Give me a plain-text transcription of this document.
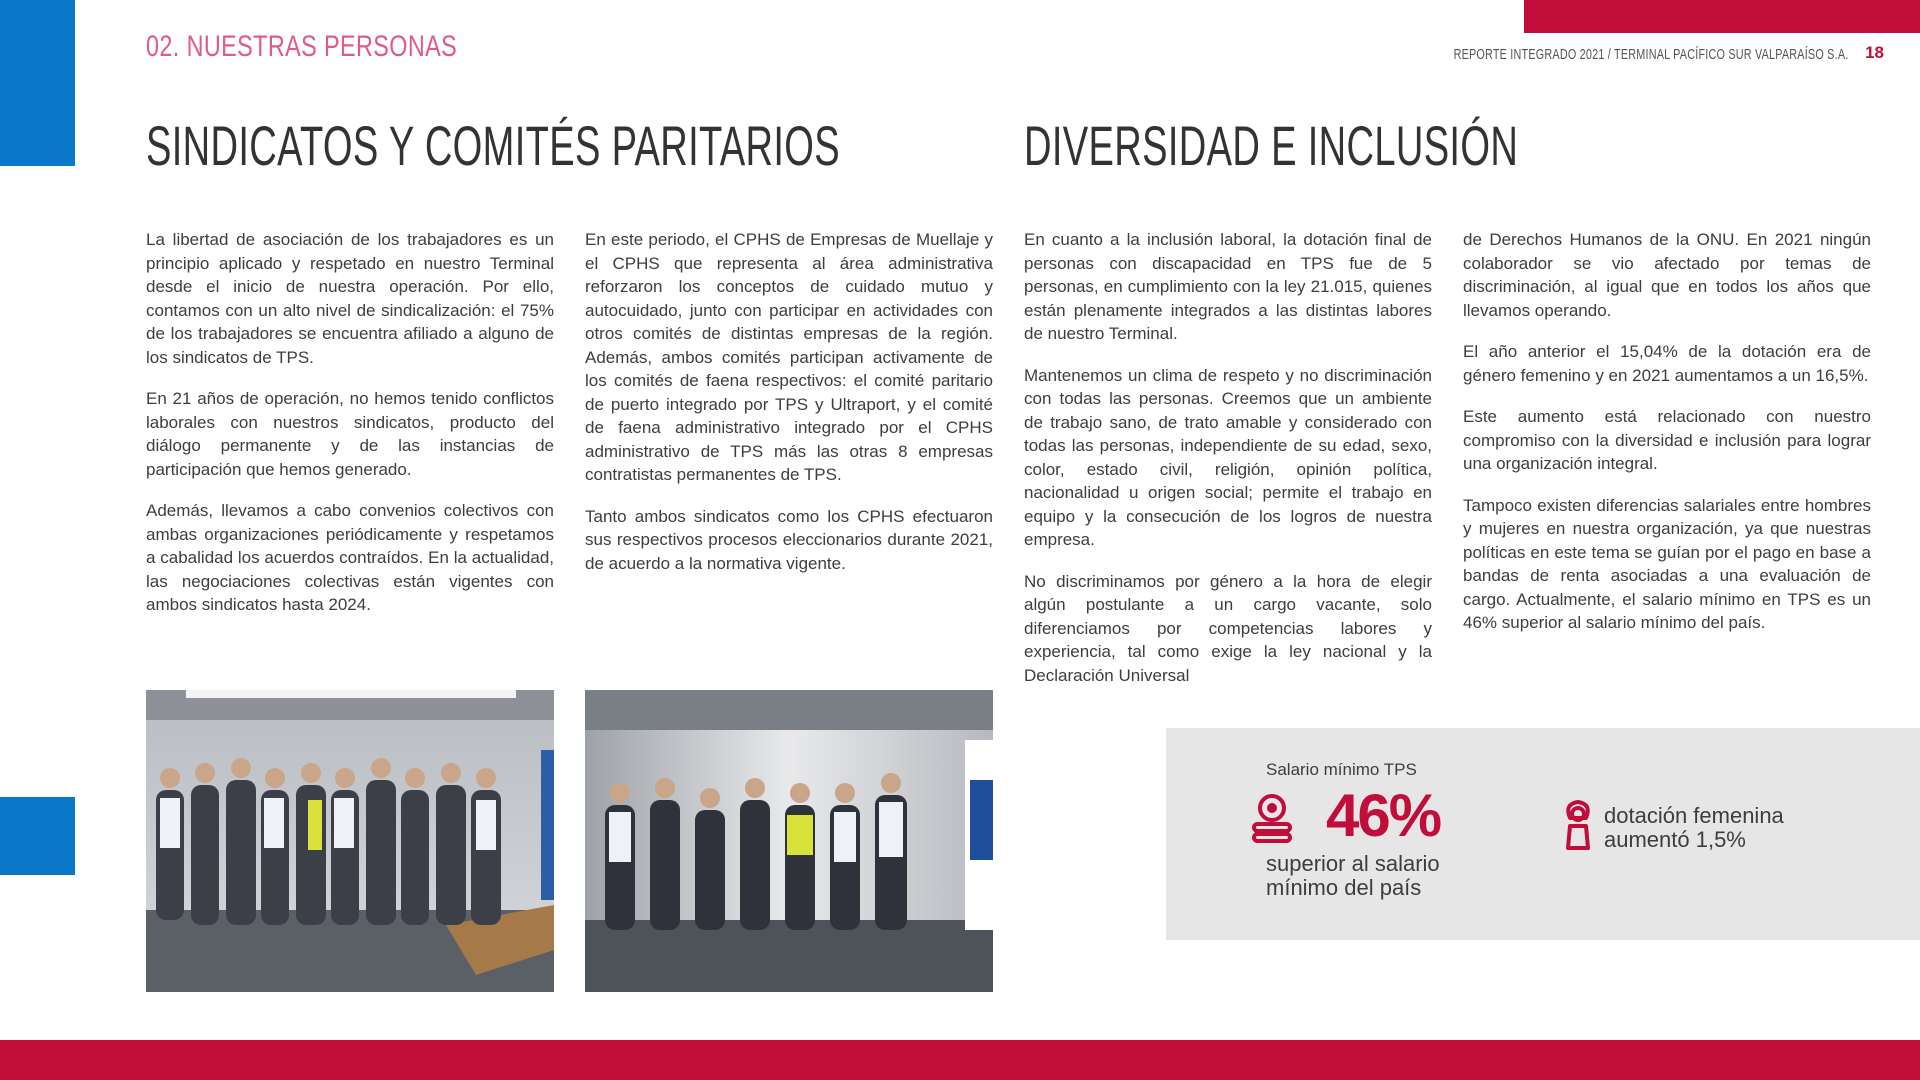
02. NUESTRAS PERSONAS	REPORTE INTEGRADO 2021 / TERMINAL PACÍFICO SUR VALPARAÍSO S.A. 18
SINDICATOS Y COMITÉS PARITARIOS	DIVERSIDAD E INCLUSIÓN

La libertad de asociación de los trabajadores es un principio aplicado y respetado en nuestro Terminal desde el inicio de nuestra operación. Por ello, contamos con un alto nivel de sindicalización: el 75% de los trabajadores se encuentra afiliado a alguno de los sindicatos de TPS.

En 21 años de operación, no hemos tenido conflictos laborales con nuestros sindicatos, producto del diálogo permanente y de las instancias de participación que hemos generado.

Además, llevamos a cabo convenios colectivos con ambas organizaciones periódicamente y respetamos a cabalidad los acuerdos contraídos. En la actualidad, las negociaciones colectivas están vigentes con ambos sindicatos hasta 2024.

En este periodo, el CPHS de Empresas de Muellaje y el CPHS que representa al área administrativa reforzaron los conceptos de cuidado mutuo y autocuidado, junto con participar en actividades con otros comités de distintas empresas de la región. Además, ambos comités participan activamente de los comités de faena respectivos: el comité paritario de puerto integrado por TPS y Ultraport, y el comité de faena administrativo integrado por el CPHS administrativo de TPS más las otras 8 empresas contratistas permanentes de TPS.

Tanto ambos sindicatos como los CPHS efectuaron sus respectivos procesos eleccionarios durante 2021, de acuerdo a la normativa vigente.

En cuanto a la inclusión laboral, la dotación final de personas con discapacidad en TPS fue de 5 personas, en cumplimiento con la ley 21.015, quienes están plenamente integrados a las distintas labores de nuestro Terminal.

Mantenemos un clima de respeto y no discriminación con todas las personas. Creemos que un ambiente de trabajo sano, de trato amable y considerado con todas las personas, independiente de su edad, sexo, color, estado civil, religión, opinión política, nacionalidad u origen social; permite el trabajo en equipo y la consecución de los logros de nuestra empresa.

No discriminamos por género a la hora de elegir algún postulante a un cargo vacante, solo diferenciamos por competencias labores y experiencia, tal como exige la ley nacional y la Declaración Universal

de Derechos Humanos de la ONU. En 2021 ningún colaborador se vio afectado por temas de discriminación, al igual que en todos los años que llevamos operando.

El año anterior el 15,04% de la dotación era de género femenino y en 2021 aumentamos a un 16,5%.

Este aumento está relacionado con nuestro compromiso con la diversidad e inclusión para lograr una organización integral.

Tampoco existen diferencias salariales entre hombres y mujeres en nuestra organización, ya que nuestras políticas en este tema se guían por el pago en base a bandas de renta asociadas a una evaluación de cargo. Actualmente, el salario mínimo en TPS es un 46% superior al salario mínimo del país.

Salario mínimo TPS
46%
superior al salario
mínimo del país
dotación femenina
aumentó 1,5%
